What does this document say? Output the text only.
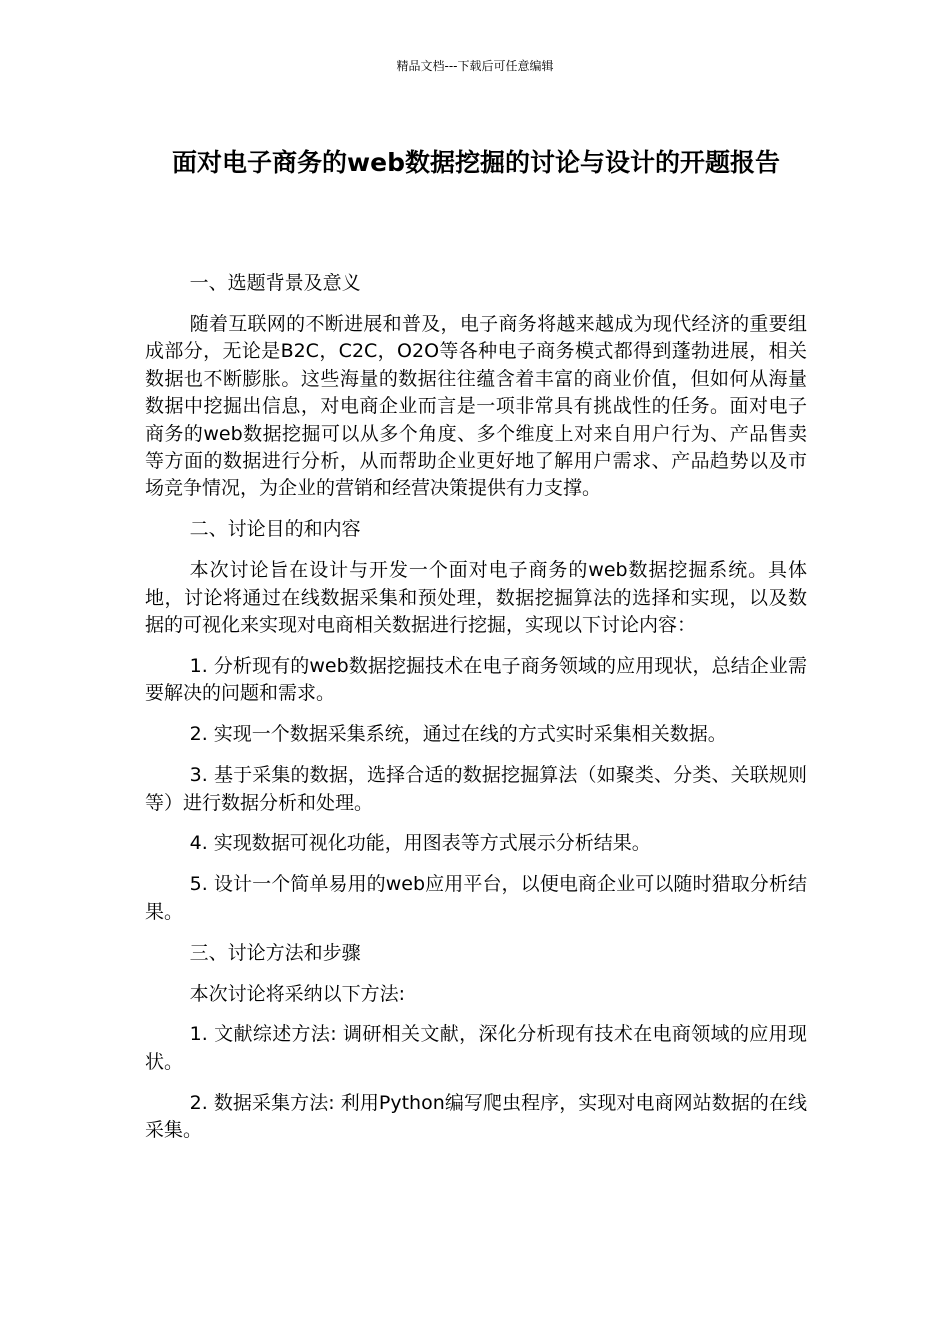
精品文档---下载后可任意编辑
面对电子商务的web数据挖掘的讨论与设计的开题报告

一、选题背景及意义

随着互联网的不断进展和普及，电子商务将越来越成为现代经济的重要组成部分，无论是B2C，C2C，O2O等各种电子商务模式都得到蓬勃进展，相关数据也不断膨胀。这些海量的数据往往蕴含着丰富的商业价值，但如何从海量数据中挖掘出信息，对电商企业而言是一项非常具有挑战性的任务。面对电子商务的web数据挖掘可以从多个角度、多个维度上对来自用户行为、产品售卖等方面的数据进行分析，从而帮助企业更好地了解用户需求、产品趋势以及市场竞争情况，为企业的营销和经营决策提供有力支撑。

二、讨论目的和内容

本次讨论旨在设计与开发一个面对电子商务的web数据挖掘系统。具体地，讨论将通过在线数据采集和预处理，数据挖掘算法的选择和实现，以及数据的可视化来实现对电商相关数据进行挖掘，实现以下讨论内容：

1. 分析现有的web数据挖掘技术在电子商务领域的应用现状，总结企业需要解决的问题和需求。

2. 实现一个数据采集系统，通过在线的方式实时采集相关数据。

3. 基于采集的数据，选择合适的数据挖掘算法（如聚类、分类、关联规则等）进行数据分析和处理。

4. 实现数据可视化功能，用图表等方式展示分析结果。

5. 设计一个简单易用的web应用平台，以便电商企业可以随时猎取分析结果。

三、讨论方法和步骤

本次讨论将采纳以下方法:

1. 文献综述方法: 调研相关文献，深化分析现有技术在电商领域的应用现状。

2. 数据采集方法: 利用Python编写爬虫程序，实现对电商网站数据的在线采集。
